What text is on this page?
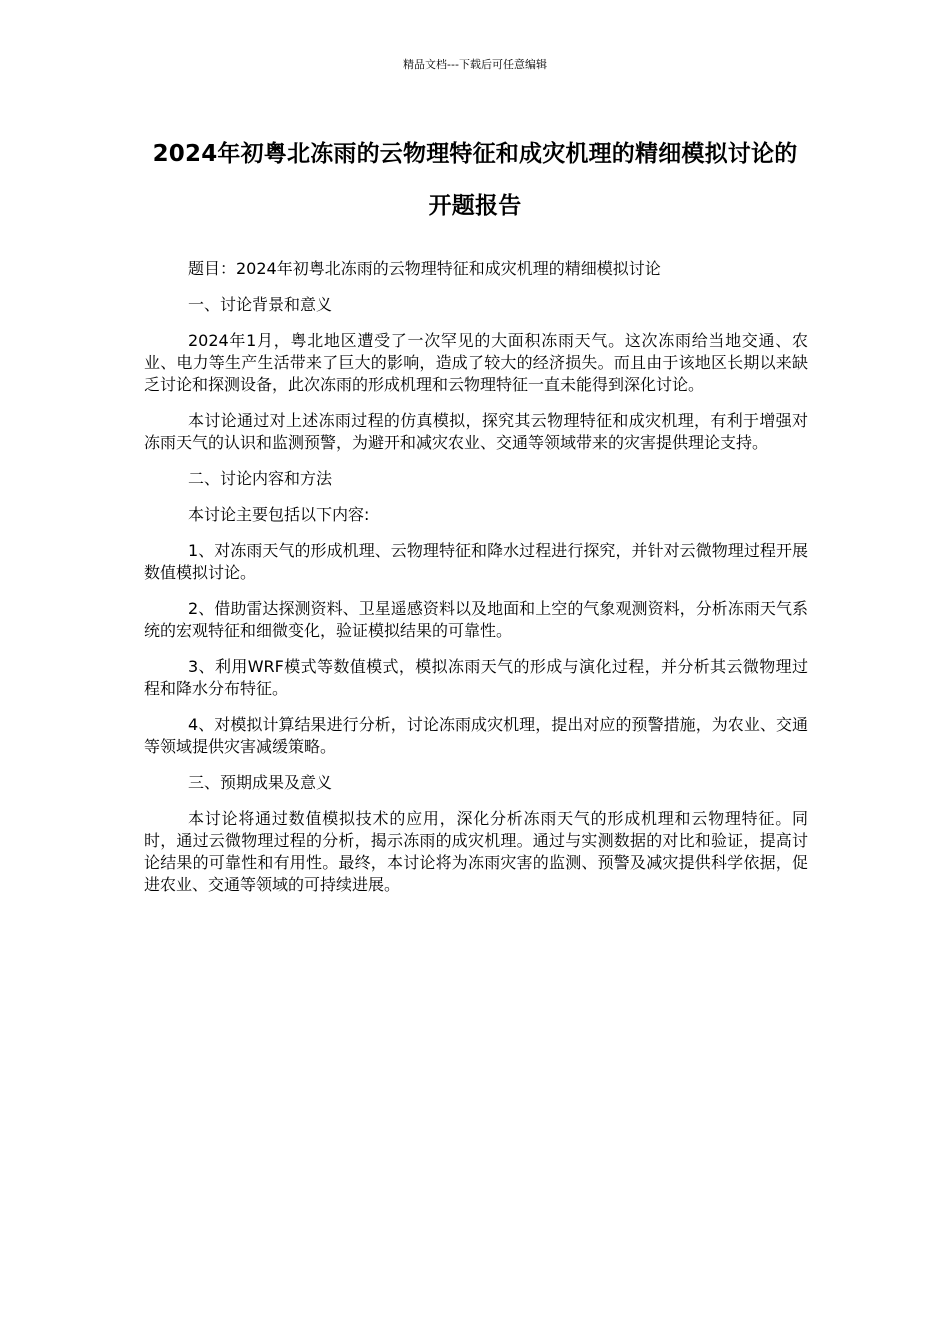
精品文档---下载后可任意编辑
2024年初粤北冻雨的云物理特征和成灾机理的精细模拟讨论的开题报告

题目：2024年初粤北冻雨的云物理特征和成灾机理的精细模拟讨论

一、讨论背景和意义

2024年1月，粤北地区遭受了一次罕见的大面积冻雨天气。这次冻雨给当地交通、农业、电力等生产生活带来了巨大的影响，造成了较大的经济损失。而且由于该地区长期以来缺乏讨论和探测设备，此次冻雨的形成机理和云物理特征一直未能得到深化讨论。

本讨论通过对上述冻雨过程的仿真模拟，探究其云物理特征和成灾机理，有利于增强对冻雨天气的认识和监测预警，为避开和减灾农业、交通等领域带来的灾害提供理论支持。

二、讨论内容和方法

本讨论主要包括以下内容:

1、对冻雨天气的形成机理、云物理特征和降水过程进行探究，并针对云微物理过程开展数值模拟讨论。

2、借助雷达探测资料、卫星遥感资料以及地面和上空的气象观测资料，分析冻雨天气系统的宏观特征和细微变化，验证模拟结果的可靠性。

3、利用WRF模式等数值模式，模拟冻雨天气的形成与演化过程，并分析其云微物理过程和降水分布特征。

4、对模拟计算结果进行分析，讨论冻雨成灾机理，提出对应的预警措施，为农业、交通等领域提供灾害减缓策略。

三、预期成果及意义

本讨论将通过数值模拟技术的应用，深化分析冻雨天气的形成机理和云物理特征。同时，通过云微物理过程的分析，揭示冻雨的成灾机理。通过与实测数据的对比和验证，提高讨论结果的可靠性和有用性。最终，本讨论将为冻雨灾害的监测、预警及减灾提供科学依据，促进农业、交通等领域的可持续进展。
